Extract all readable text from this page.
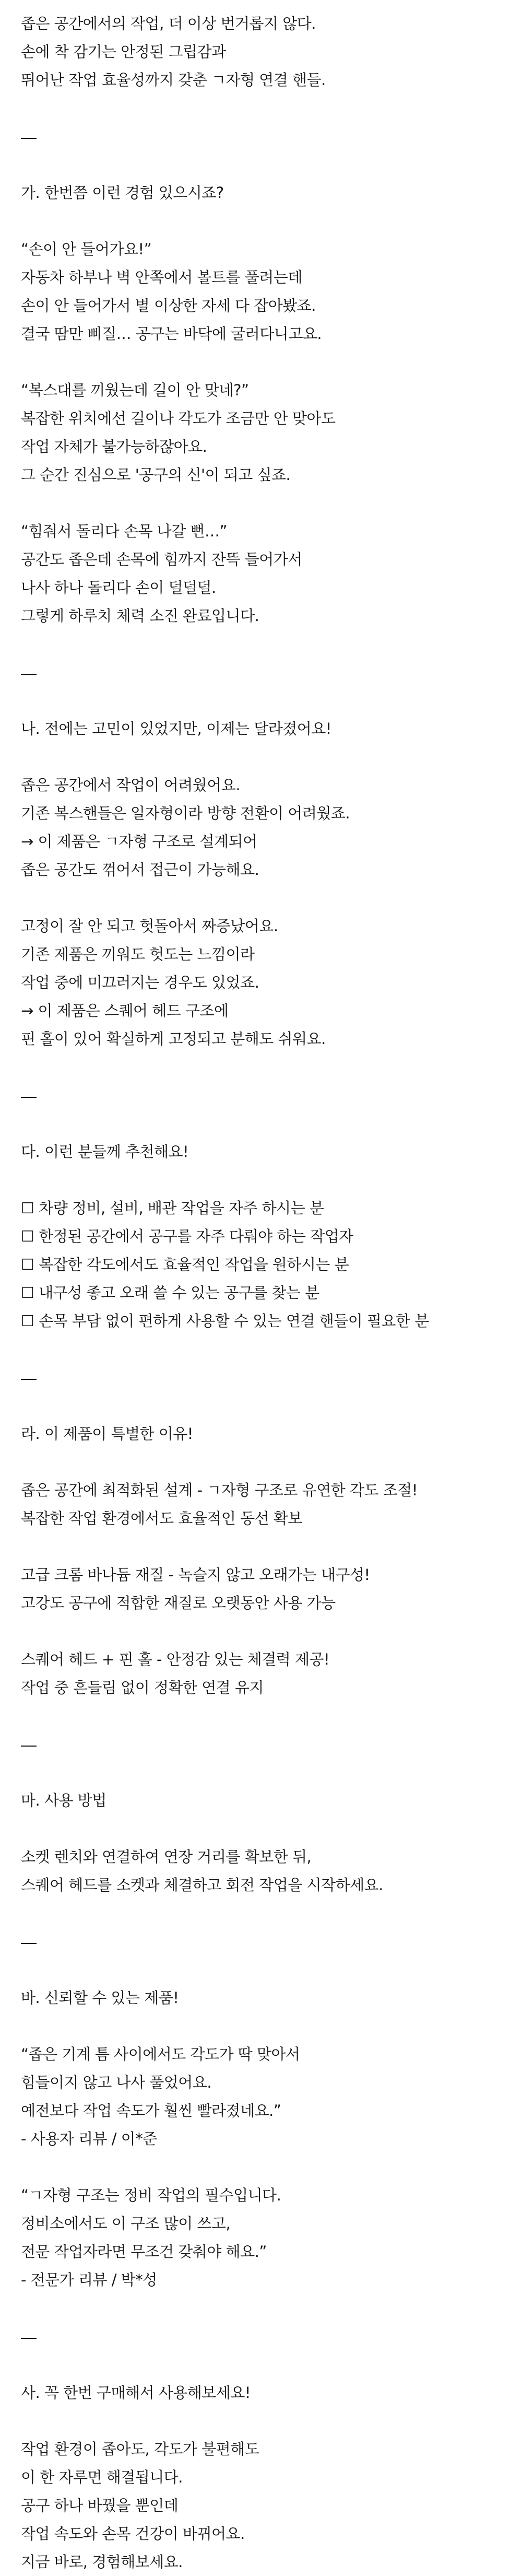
좁은 공간에서의 작업, 더 이상 번거롭지 않다.
손에 착 감기는 안정된 그립감과
뛰어난 작업 효율성까지 갖춘 ㄱ자형 연결 핸들.
가. 한번쯤 이런 경험 있으시죠?
“손이 안 들어가요!”
자동차 하부나 벽 안쪽에서 볼트를 풀려는데
손이 안 들어가서 별 이상한 자세 다 잡아봤죠.
결국 땀만 삐질… 공구는 바닥에 굴러다니고요.
“복스대를 끼웠는데 길이 안 맞네?”
복잡한 위치에선 길이나 각도가 조금만 안 맞아도
작업 자체가 불가능하잖아요.
그 순간 진심으로 '공구의 신'이 되고 싶죠.
“힘줘서 돌리다 손목 나갈 뻔…”
공간도 좁은데 손목에 힘까지 잔뜩 들어가서
나사 하나 돌리다 손이 덜덜덜.
그렇게 하루치 체력 소진 완료입니다.
나. 전에는 고민이 있었지만, 이제는 달라졌어요!
좁은 공간에서 작업이 어려웠어요.
기존 복스핸들은 일자형이라 방향 전환이 어려웠죠.
→ 이 제품은 ㄱ자형 구조로 설계되어
좁은 공간도 꺾어서 접근이 가능해요.
고정이 잘 안 되고 헛돌아서 짜증났어요.
기존 제품은 끼워도 헛도는 느낌이라
작업 중에 미끄러지는 경우도 있었죠.
→ 이 제품은 스퀘어 헤드 구조에
핀 홀이 있어 확실하게 고정되고 분해도 쉬워요.
다. 이런 분들께 추천해요!
☐ 차량 정비, 설비, 배관 작업을 자주 하시는 분
☐ 한정된 공간에서 공구를 자주 다뤄야 하는 작업자
☐ 복잡한 각도에서도 효율적인 작업을 원하시는 분
☐ 내구성 좋고 오래 쓸 수 있는 공구를 찾는 분
☐ 손목 부담 없이 편하게 사용할 수 있는 연결 핸들이 필요한 분
라. 이 제품이 특별한 이유!
좁은 공간에 최적화된 설계 - ㄱ자형 구조로 유연한 각도 조절!
복잡한 작업 환경에서도 효율적인 동선 확보
고급 크롬 바나듐 재질 - 녹슬지 않고 오래가는 내구성!
고강도 공구에 적합한 재질로 오랫동안 사용 가능
스퀘어 헤드 + 핀 홀 - 안정감 있는 체결력 제공!
작업 중 흔들림 없이 정확한 연결 유지
마. 사용 방법
소켓 렌치와 연결하여 연장 거리를 확보한 뒤,
스퀘어 헤드를 소켓과 체결하고 회전 작업을 시작하세요.
바. 신뢰할 수 있는 제품!
“좁은 기계 틈 사이에서도 각도가 딱 맞아서
힘들이지 않고 나사 풀었어요.
예전보다 작업 속도가 훨씬 빨라졌네요.”
- 사용자 리뷰 / 이*준
“ㄱ자형 구조는 정비 작업의 필수입니다.
정비소에서도 이 구조 많이 쓰고,
전문 작업자라면 무조건 갖춰야 해요.”
- 전문가 리뷰 / 박*성
사. 꼭 한번 구매해서 사용해보세요!
작업 환경이 좁아도, 각도가 불편해도
이 한 자루면 해결됩니다.
공구 하나 바꿨을 뿐인데
작업 속도와 손목 건강이 바뀌어요.
지금 바로, 경험해보세요.
